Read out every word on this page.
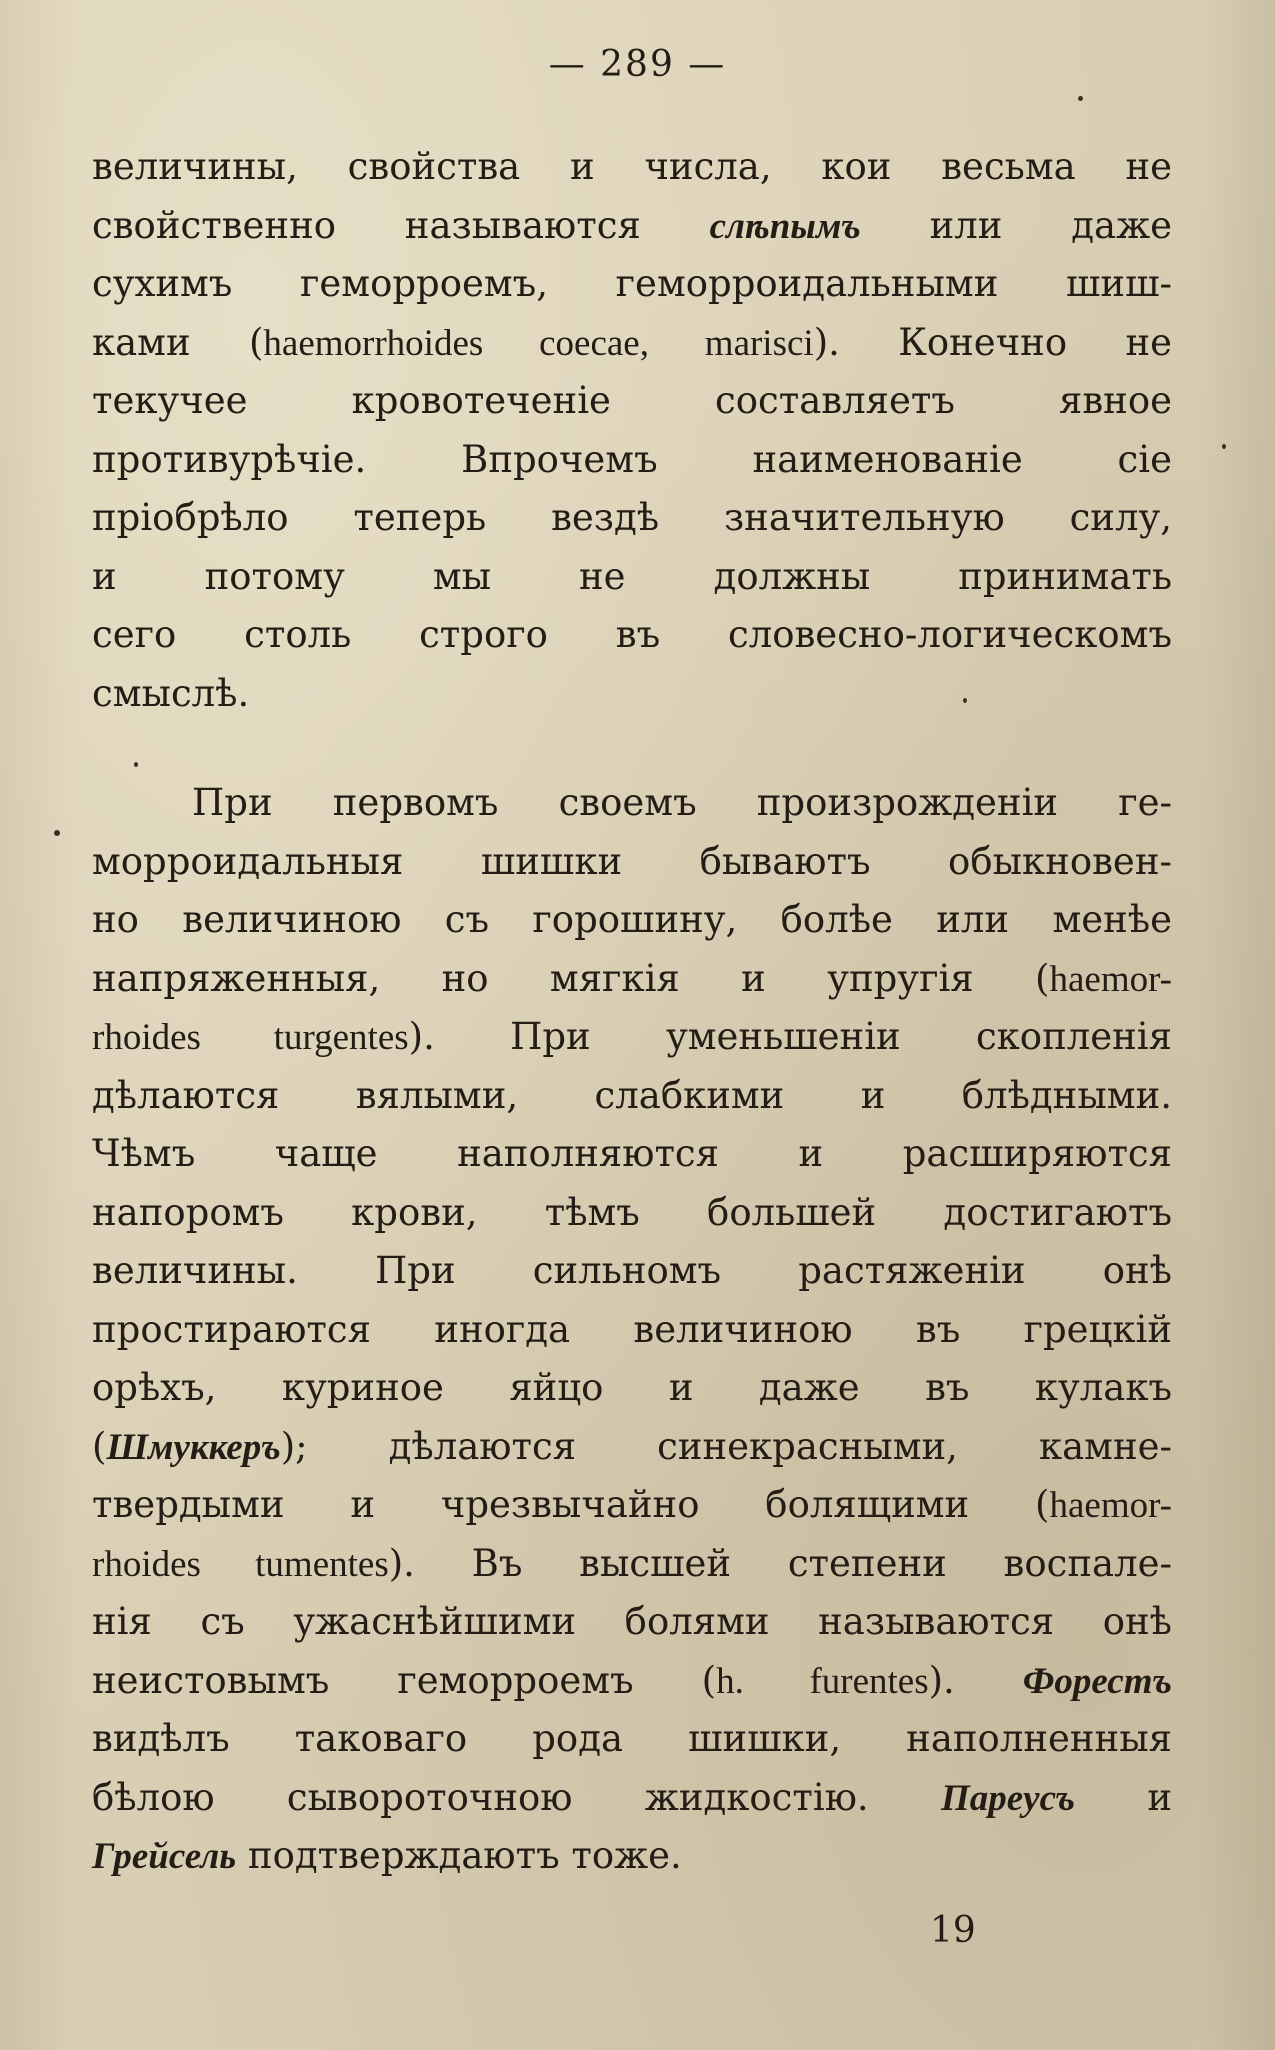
— 289 —
величины, свойства и числа, кои весьма не
свойственно называются слѣпымъ или даже
сухимъ геморроемъ, геморроидальными шиш-
ками (haemorrhoides coecae, marisci). Конечно не
текучее кровотеченіе составляетъ явное
противурѣчіе. Впрочемъ наименованіе сіе
пріобрѣло теперь вездѣ значительную силу,
и потому мы не должны принимать
сего столь строго въ словесно-логическомъ
смыслѣ.
При первомъ своемъ произрожденіи ге-
морроидальныя шишки бываютъ обыкновен-
но величиною съ горошину, болѣе или менѣе
напряженныя, но мягкія и упругія (haemor-
rhoides turgentes). При уменьшеніи скопленія
дѣлаются вялыми, слабкими и блѣдными.
Чѣмъ чаще наполняются и расширяются
напоромъ крови, тѣмъ большей достигаютъ
величины. При сильномъ растяженіи онѣ
простираются иногда величиною въ грецкій
орѣхъ, куриное яйцо и даже въ кулакъ
(Шмуккеръ); дѣлаются синекрасными, камне-
твердыми и чрезвычайно болящими (haemor-
rhoides tumentes). Въ высшей степени воспале-
нія съ ужаснѣйшими болями называются онѣ
неистовымъ геморроемъ (h. furentes). Форестъ
видѣлъ таковаго рода шишки, наполненныя
бѣлою сывороточною жидкостію. Пареусъ и
Грейсель подтверждаютъ тоже.
19
